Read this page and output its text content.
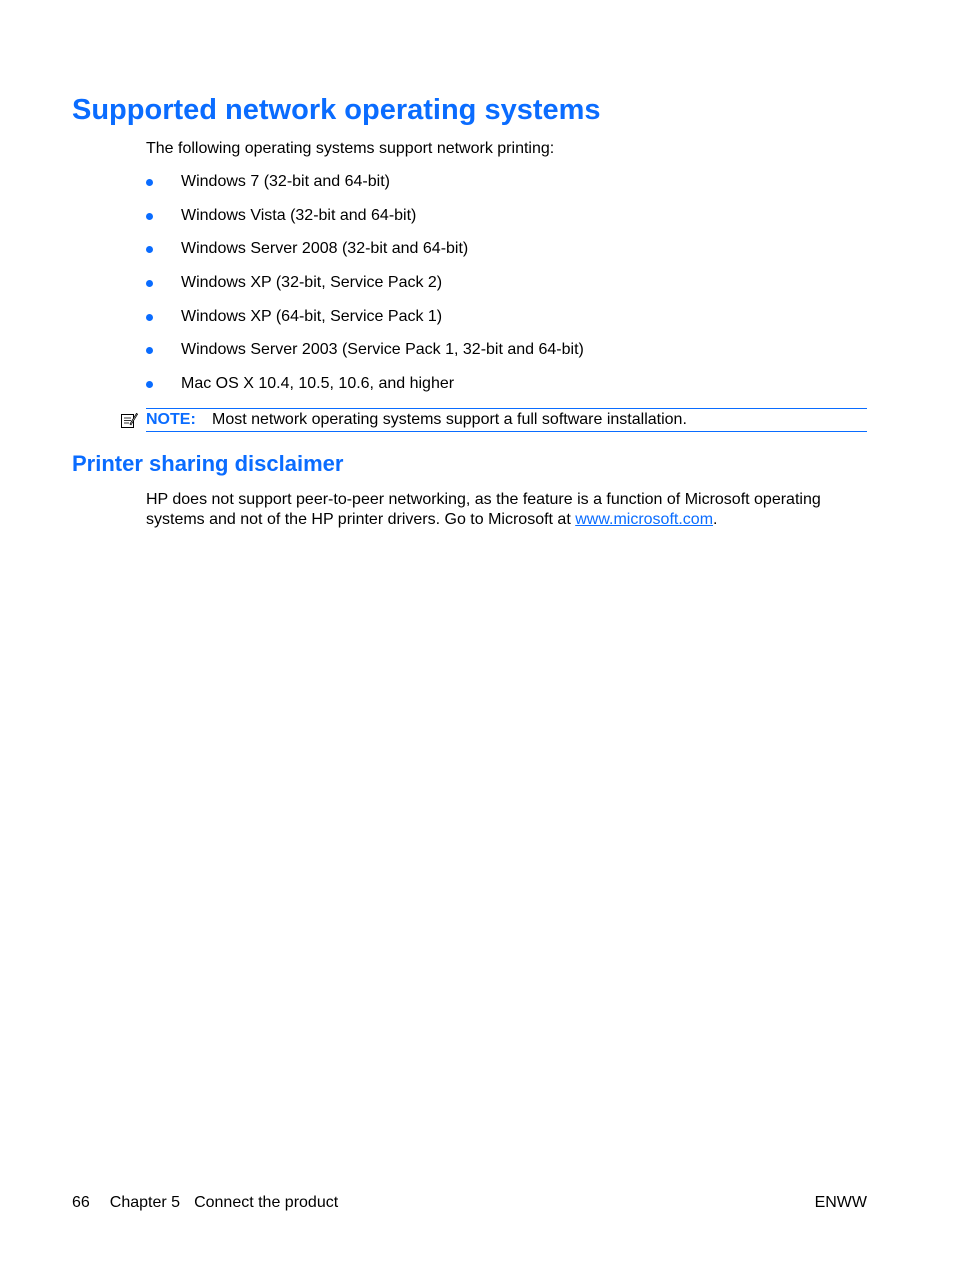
Supported network operating systems

The following operating systems support network printing:

Windows 7 (32-bit and 64-bit)
Windows Vista (32-bit and 64-bit)
Windows Server 2008 (32-bit and 64-bit)
Windows XP (32-bit, Service Pack 2)
Windows XP (64-bit, Service Pack 1)
Windows Server 2003 (Service Pack 1, 32-bit and 64-bit)
Mac OS X 10.4, 10.5, 10.6, and higher
NOTE: Most network operating systems support a full software installation.
Printer sharing disclaimer

HP does not support peer-to-peer networking, as the feature is a function of Microsoft operating systems and not of the HP printer drivers. Go to Microsoft at www.microsoft.com.

66 Chapter 5 Connect the product	ENWW
